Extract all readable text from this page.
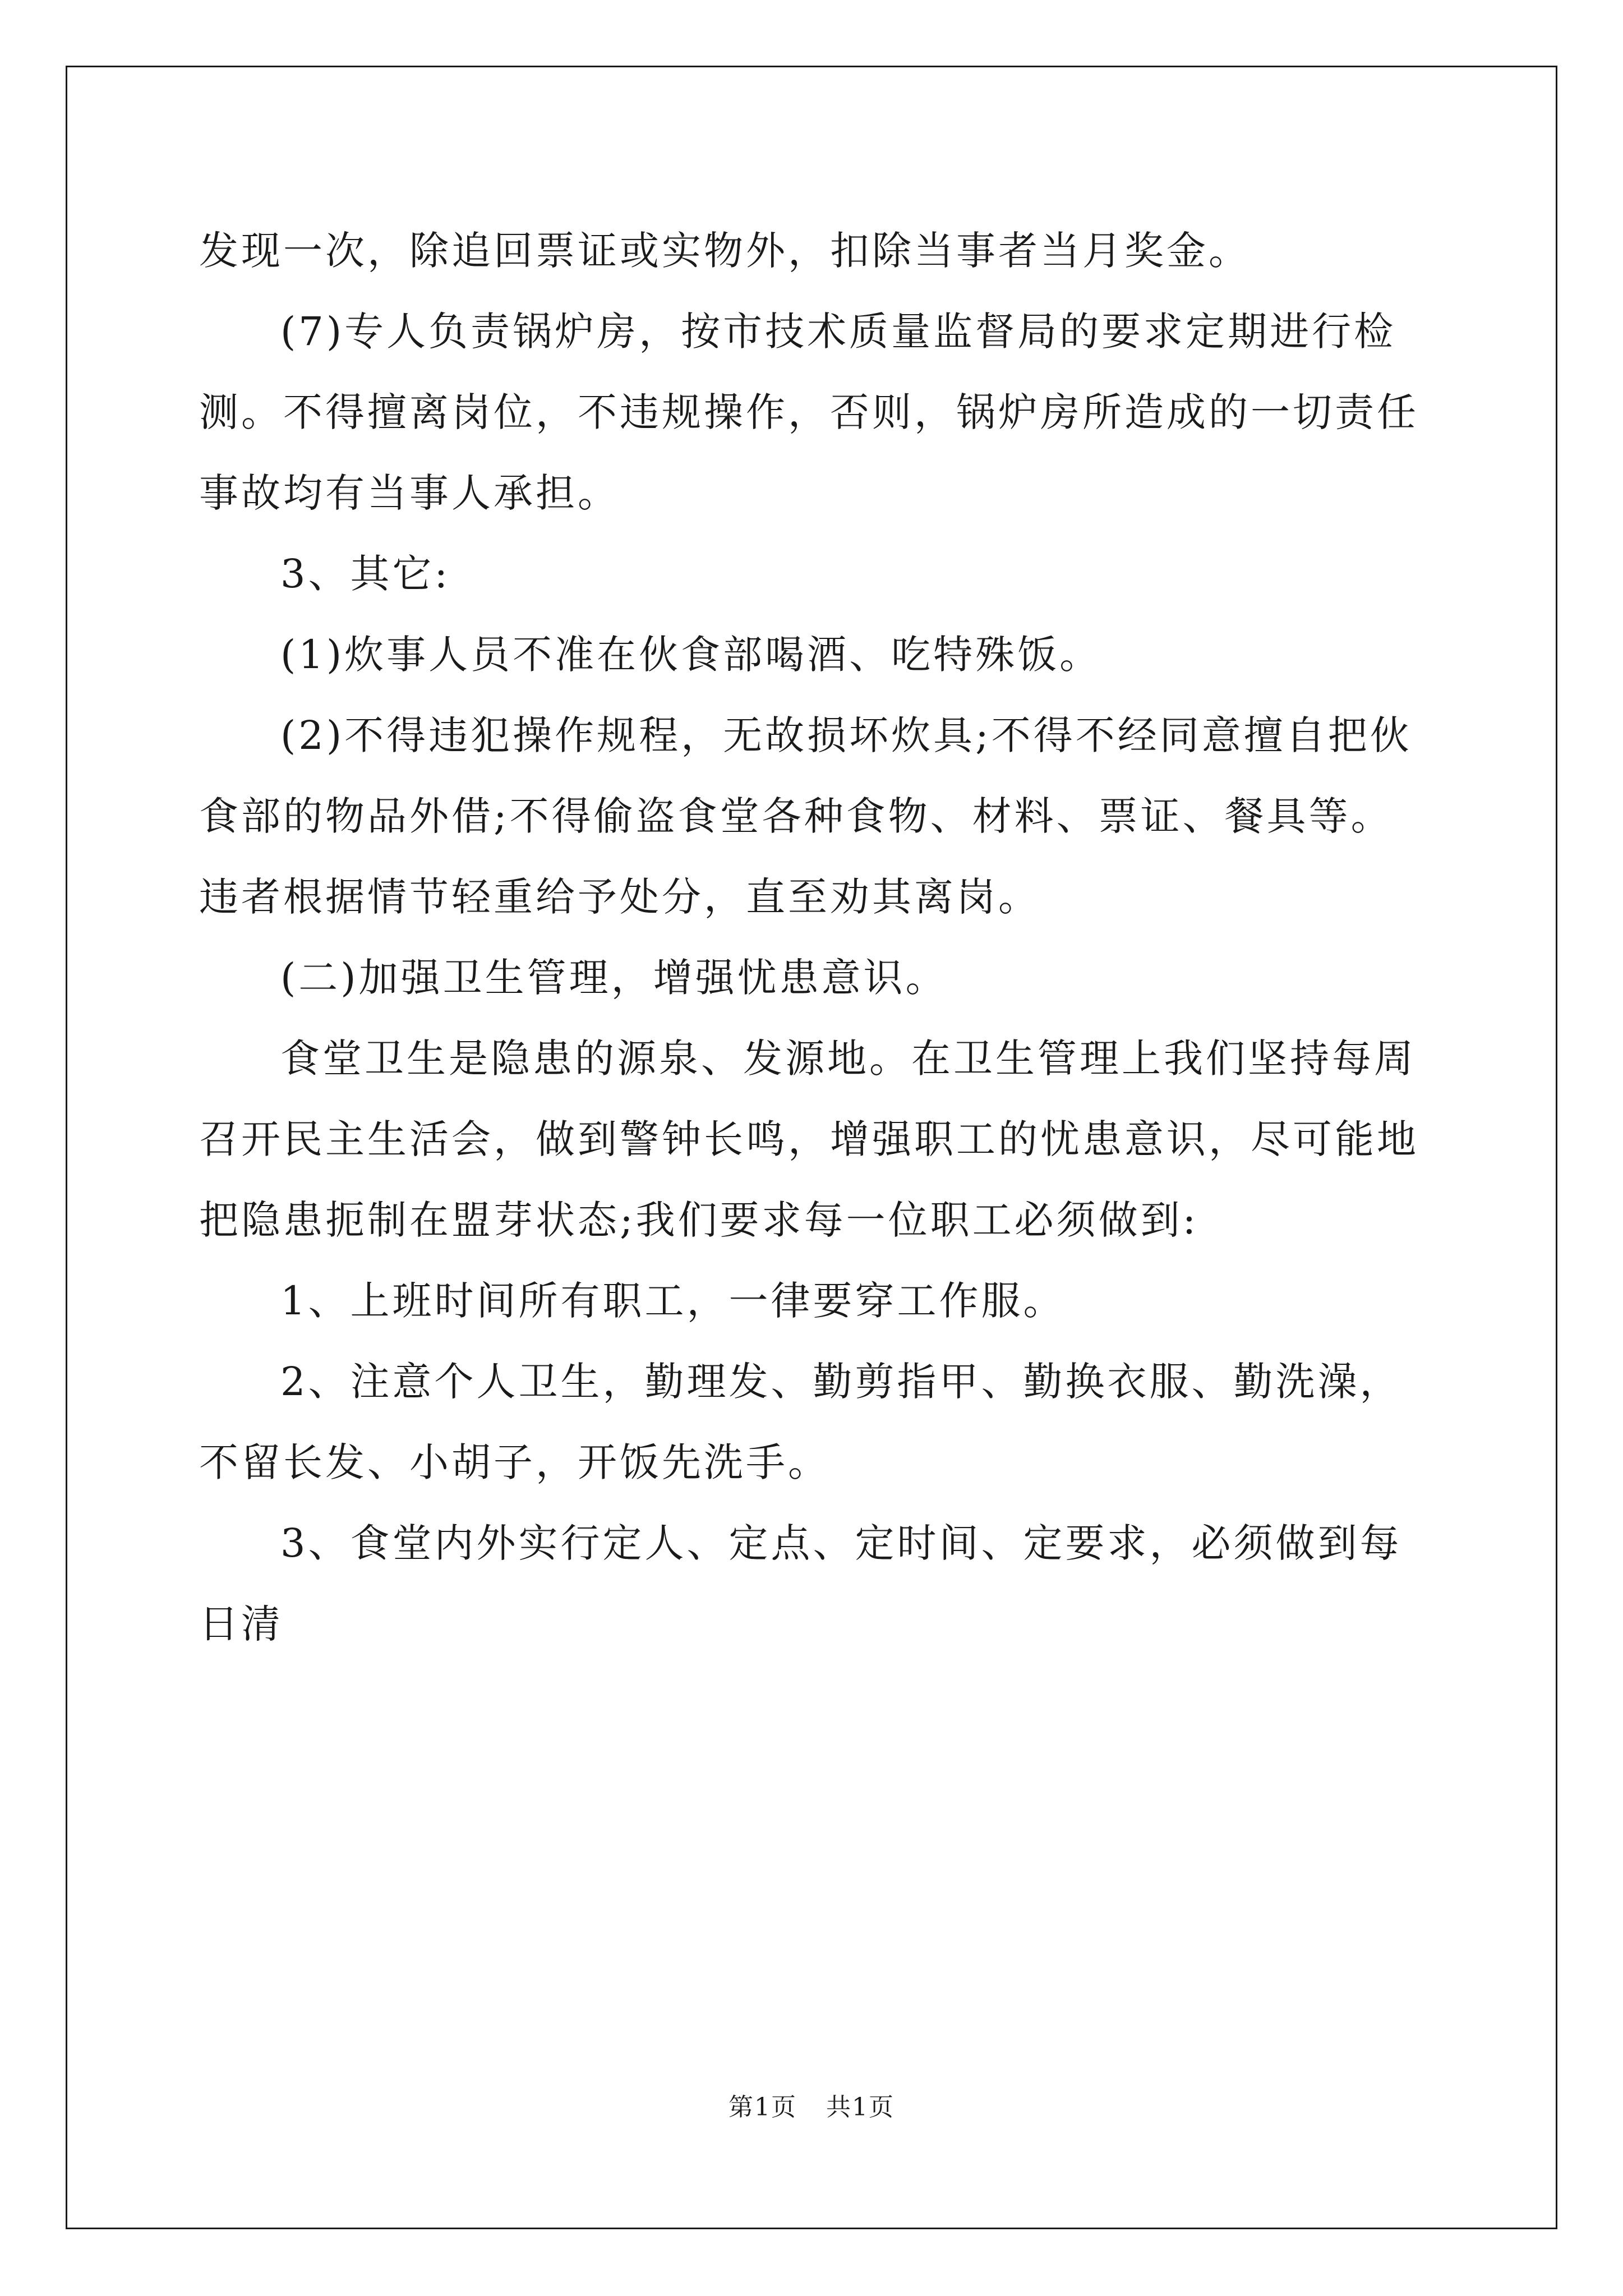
发现一次，除追回票证或实物外，扣除当事者当月奖金。

(7)专人负责锅炉房，按市技术质量监督局的要求定期进行检测。不得擅离岗位，不违规操作，否则，锅炉房所造成的一切责任事故均有当事人承担。

3、其它:

(1)炊事人员不准在伙食部喝酒、吃特殊饭。

(2)不得违犯操作规程，无故损坏炊具;不得不经同意擅自把伙食部的物品外借;不得偷盗食堂各种食物、材料、票证、餐具等。违者根据情节轻重给予处分，直至劝其离岗。

(二)加强卫生管理，增强忧患意识。

食堂卫生是隐患的源泉、发源地。在卫生管理上我们坚持每周召开民主生活会，做到警钟长鸣，增强职工的忧患意识，尽可能地把隐患扼制在盟芽状态;我们要求每一位职工必须做到:

1、上班时间所有职工，一律要穿工作服。

2、注意个人卫生，勤理发、勤剪指甲、勤换衣服、勤洗澡，不留长发、小胡子，开饭先洗手。

3、食堂内外实行定人、定点、定时间、定要求，必须做到每日清

第1页 共1页
